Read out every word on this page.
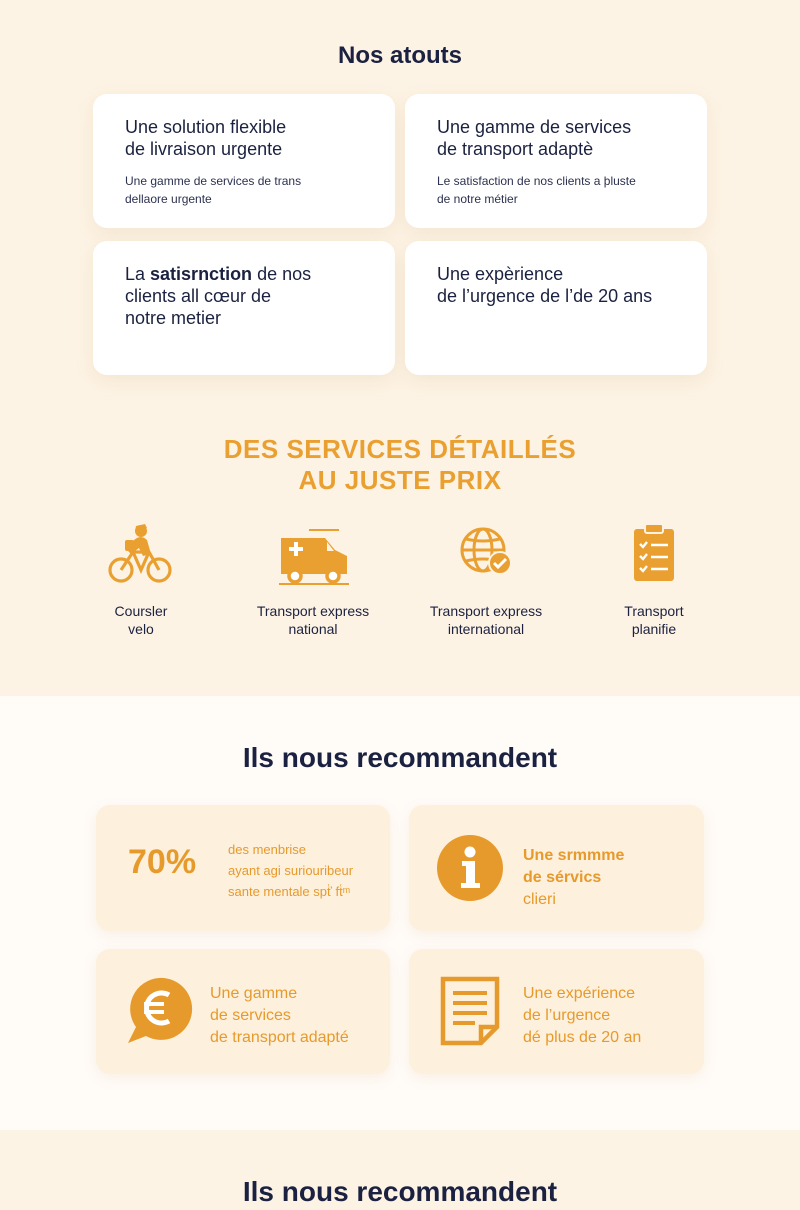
Nos atouts
Une solution flexible
de livraison urgente
Une gamme de services de trans
dellaore urgente
Une gamme de services
de transport adaptè
Le satisfaction de nos clients a þluste
de notre métier
La satisrnction de nos
clients all cœur de
notre metier
Une expèrience
de l’urgence de l’de 20 ans
DES SERVICES DÉTAILLÉS
AU JUSTE PRIX
Coursler
velo
Transport express
national
Transport express
international
Transport
planifie
Ils nous recommandent
70% des menbrise
ayant agi suriouribeur
sante mentale spť͑ ft͑ᵐ
Une srmmme
de sérvics
clieri
Une gamme
de services
de transport adapté
Une expérience
de l’urgence
dé plus de 20 an
Ils nous recommandent
